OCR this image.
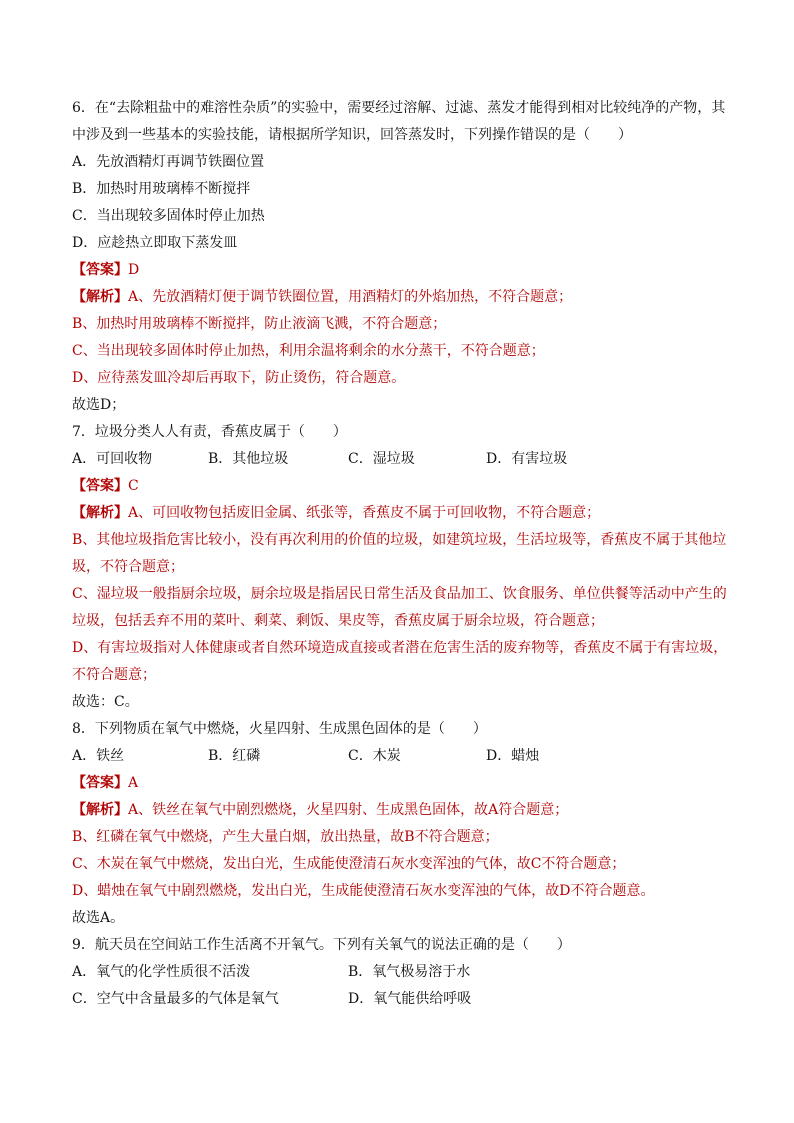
6．在“去除粗盐中的难溶性杂质”的实验中，需要经过溶解、过滤、蒸发才能得到相对比较纯净的产物，其
中涉及到一些基本的实验技能，请根据所学知识，回答蒸发时，下列操作错误的是（　　）
A．先放酒精灯再调节铁圈位置
B．加热时用玻璃棒不断搅拌
C．当出现较多固体时停止加热
D．应趁热立即取下蒸发皿
【答案】D
【解析】A、先放酒精灯便于调节铁圈位置，用酒精灯的外焰加热，不符合题意；
B、加热时用玻璃棒不断搅拌，防止液滴飞溅，不符合题意；
C、当出现较多固体时停止加热，利用余温将剩余的水分蒸干，不符合题意；
D、应待蒸发皿冷却后再取下，防止烫伤，符合题意。
故选D；
7．垃圾分类人人有责，香蕉皮属于（　　）
A．可回收物	B．其他垃圾	C．湿垃圾	D．有害垃圾
【答案】C
【解析】A、可回收物包括废旧金属、纸张等，香蕉皮不属于可回收物，不符合题意；
B、其他垃圾指危害比较小，没有再次利用的价值的垃圾，如建筑垃圾，生活垃圾等，香蕉皮不属于其他垃
圾，不符合题意；
C、湿垃圾一般指厨余垃圾，厨余垃圾是指居民日常生活及食品加工、饮食服务、单位供餐等活动中产生的
垃圾，包括丢弃不用的菜叶、剩菜、剩饭、果皮等，香蕉皮属于厨余垃圾，符合题意；
D、有害垃圾指对人体健康或者自然环境造成直接或者潜在危害生活的废弃物等，香蕉皮不属于有害垃圾，
不符合题意；
故选：C。
8．下列物质在氧气中燃烧，火星四射、生成黑色固体的是（　　）
A．铁丝	B．红磷	C．木炭	D．蜡烛
【答案】A
【解析】A、铁丝在氧气中剧烈燃烧，火星四射、生成黑色固体，故A符合题意；
B、红磷在氧气中燃烧，产生大量白烟，放出热量，故B不符合题意；
C、木炭在氧气中燃烧，发出白光，生成能使澄清石灰水变浑浊的气体，故C不符合题意；
D、蜡烛在氧气中剧烈燃烧，发出白光，生成能使澄清石灰水变浑浊的气体，故D不符合题意。
故选A。
9．航天员在空间站工作生活离不开氧气。下列有关氧气的说法正确的是（　　）
A．氧气的化学性质很不活泼	B．氧气极易溶于水
C．空气中含量最多的气体是氧气	D．氧气能供给呼吸
